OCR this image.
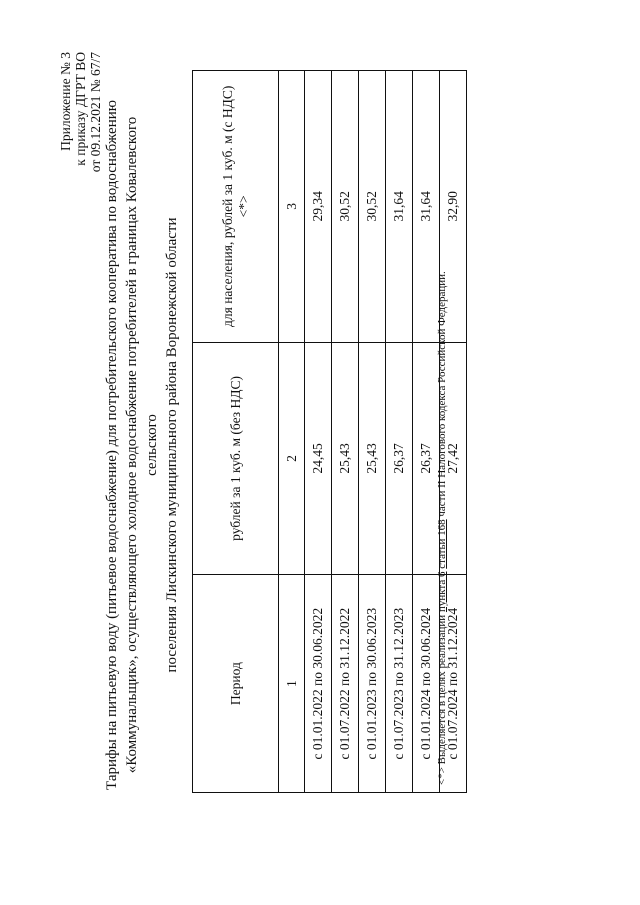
Приложение № 3 к приказу ДГРТ ВО от 09.12.2021 № 67/7 Тарифы на питьевую воду (питьевое водоснабжение) для потребительского кооператива по водоснабжению «Коммунальщик», осуществляющего холодное водоснабжение потребителей в границах Ковалевского сельского поселения Лискинского муниципального района Воронежской области
Период	рублей за 1 куб. м (без НДС)	для населения, рублей за 1 куб. м (с НДС) <*>
1	2	3
с 01.01.2022 по 30.06.2022	24,45	29,34
с 01.07.2022 по 31.12.2022	25,43	30,52
с 01.01.2023 по 30.06.2023	25,43	30,52
с 01.07.2023 по 31.12.2023	26,37	31,64
с 01.01.2024 по 30.06.2024	26,37	31,64
с 01.07.2024 по 31.12.2024	27,42	32,90
<*> Выделяется в целях реализации пункта 6 статьи 168 части II Налогового кодекса Российской Федерации.
